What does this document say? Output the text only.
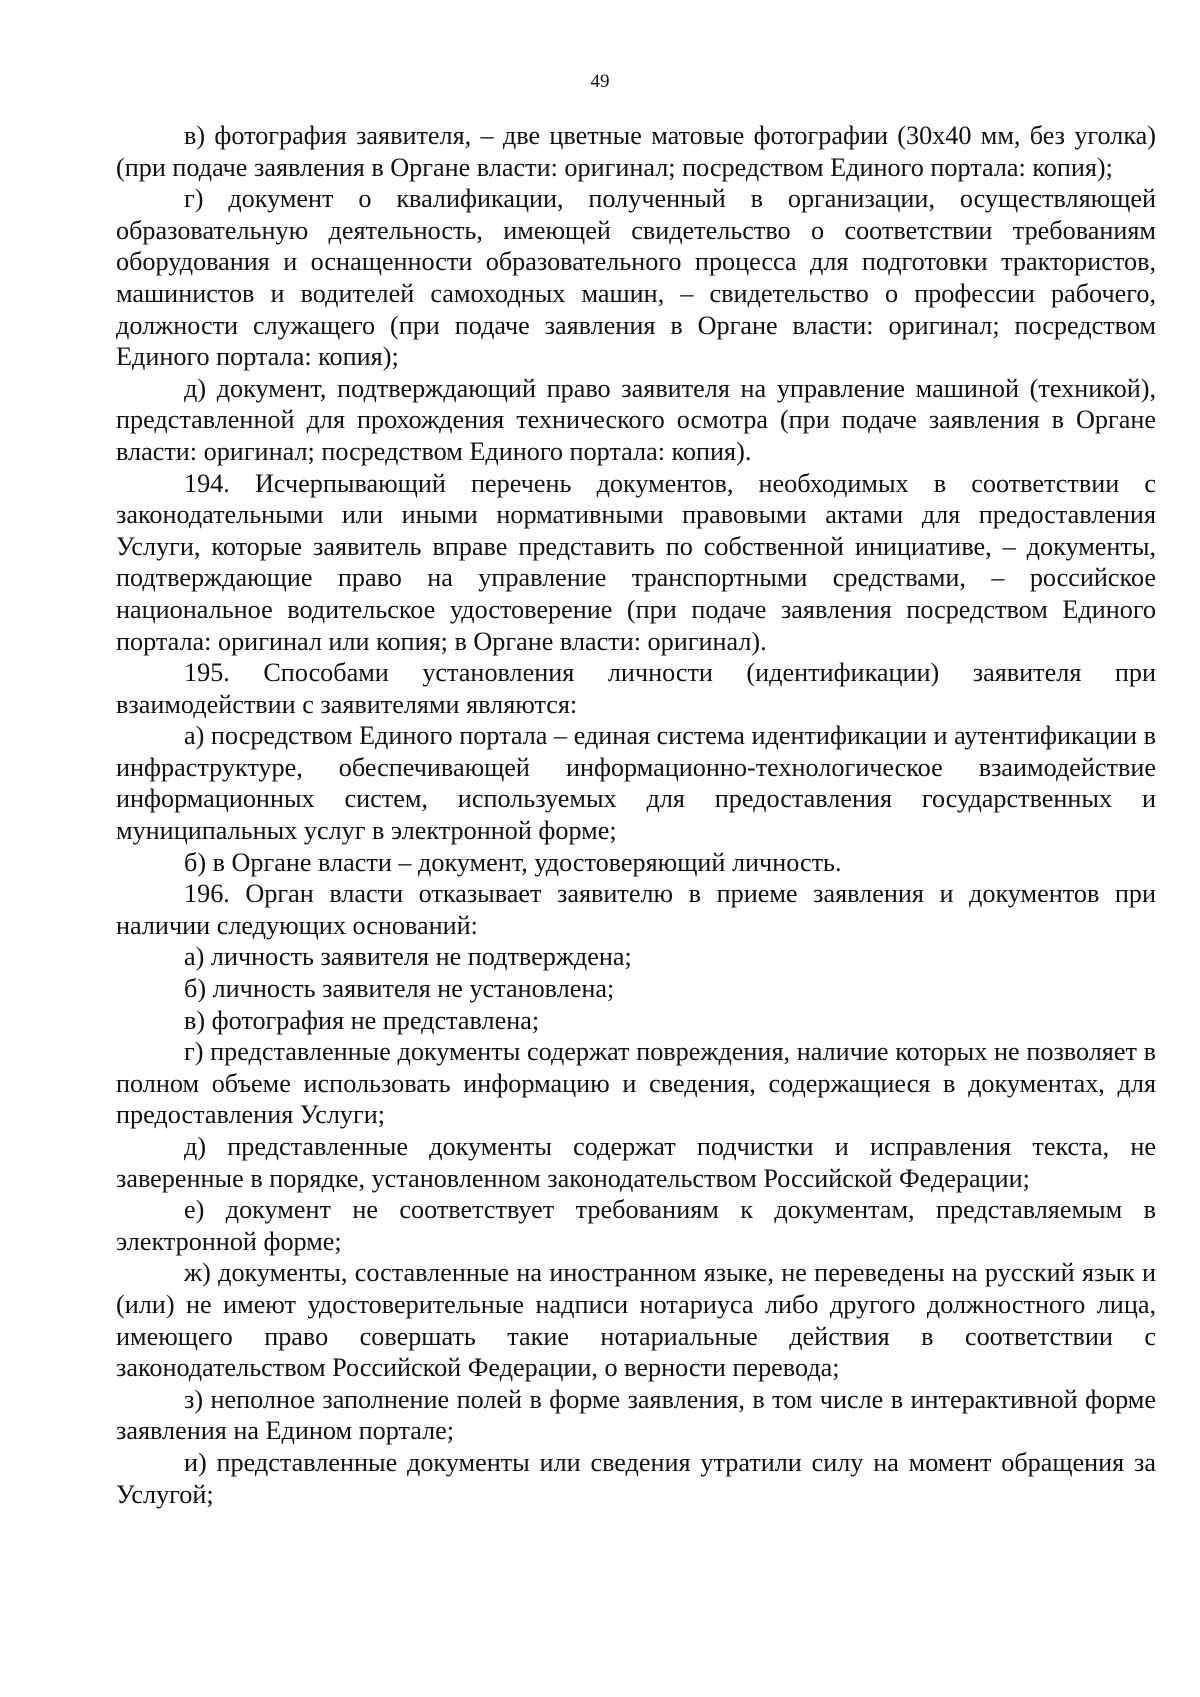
49

в) фотография заявителя, – две цветные матовые фотографии (30х40 мм, без уголка) (при подаче заявления в Органе власти: оригинал; посредством Единого портала: копия);

г) документ о квалификации, полученный в организации, осуществляющей образовательную деятельность, имеющей свидетельство о соответствии требованиям оборудования и оснащенности образовательного процесса для подготовки трактористов, машинистов и водителей самоходных машин, – свидетельство о профессии рабочего, должности служащего (при подаче заявления в Органе власти: оригинал; посредством Единого портала: копия);

д) документ, подтверждающий право заявителя на управление машиной (техникой), представленной для прохождения технического осмотра (при подаче заявления в Органе власти: оригинал; посредством Единого портала: копия).

194. Исчерпывающий перечень документов, необходимых в соответствии с законодательными или иными нормативными правовыми актами для предоставления Услуги, которые заявитель вправе представить по собственной инициативе, – документы, подтверждающие право на управление транспортными средствами, – российское национальное водительское удостоверение (при подаче заявления посредством Единого портала: оригинал или копия; в Органе власти: оригинал).

195. Способами установления личности (идентификации) заявителя при взаимодействии с заявителями являются:

а) посредством Единого портала – единая система идентификации и аутентификации в инфраструктуре, обеспечивающей информационно-технологическое взаимодействие информационных систем, используемых для предоставления государственных и муниципальных услуг в электронной форме;

б) в Органе власти – документ, удостоверяющий личность.

196. Орган власти отказывает заявителю в приеме заявления и документов при наличии следующих оснований:

а) личность заявителя не подтверждена;

б) личность заявителя не установлена;

в) фотография не представлена;

г) представленные документы содержат повреждения, наличие которых не позволяет в полном объеме использовать информацию и сведения, содержащиеся в документах, для предоставления Услуги;

д) представленные документы содержат подчистки и исправления текста, не заверенные в порядке, установленном законодательством Российской Федерации;

е) документ не соответствует требованиям к документам, представляемым в электронной форме;

ж) документы, составленные на иностранном языке, не переведены на русский язык и (или) не имеют удостоверительные надписи нотариуса либо другого должностного лица, имеющего право совершать такие нотариальные действия в соответствии с законодательством Российской Федерации, о верности перевода;

з) неполное заполнение полей в форме заявления, в том числе в интерактивной форме заявления на Едином портале;

и) представленные документы или сведения утратили силу на момент обращения за Услугой;
